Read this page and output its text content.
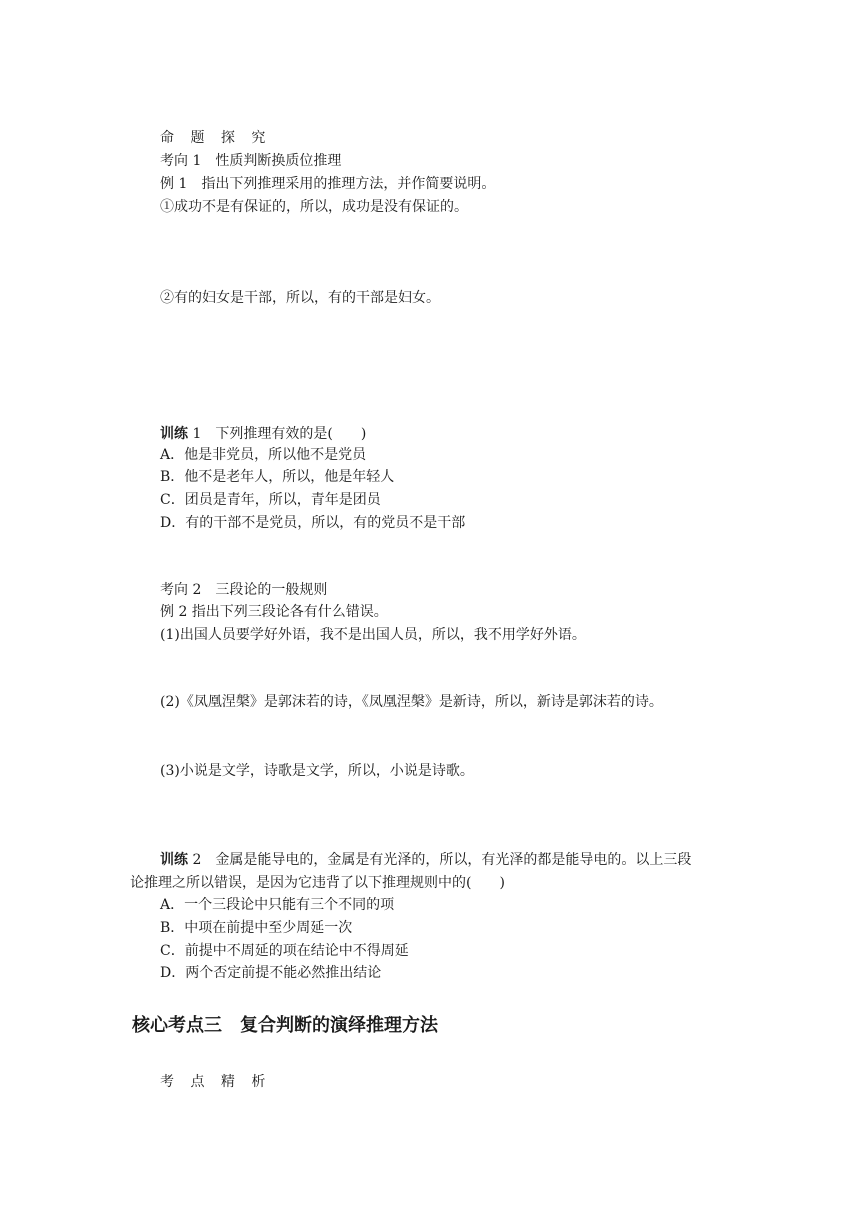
命 题 探 究
考向 1　性质判断换质位推理
例 1　指出下列推理采用的推理方法，并作简要说明。
①成功不是有保证的，所以，成功是没有保证的。
②有的妇女是干部，所以，有的干部是妇女。
训练 1　下列推理有效的是(　　)
A．他是非党员，所以他不是党员
B．他不是老年人，所以，他是年轻人
C．团员是青年，所以，青年是团员
D．有的干部不是党员，所以，有的党员不是干部
考向 2　三段论的一般规则
例 2 指出下列三段论各有什么错误。
(1)出国人员要学好外语，我不是出国人员，所以，我不用学好外语。
(2)《凤凰涅槃》是郭沫若的诗，《凤凰涅槃》是新诗，所以，新诗是郭沫若的诗。
(3)小说是文学，诗歌是文学，所以，小说是诗歌。
训练 2　金属是能导电的，金属是有光泽的，所以，有光泽的都是能导电的。以上三段
论推理之所以错误，是因为它违背了以下推理规则中的(　　)
A．一个三段论中只能有三个不同的项
B．中项在前提中至少周延一次
C．前提中不周延的项在结论中不得周延
D．两个否定前提不能必然推出结论
核心考点三　复合判断的演绎推理方法
考 点 精 析
